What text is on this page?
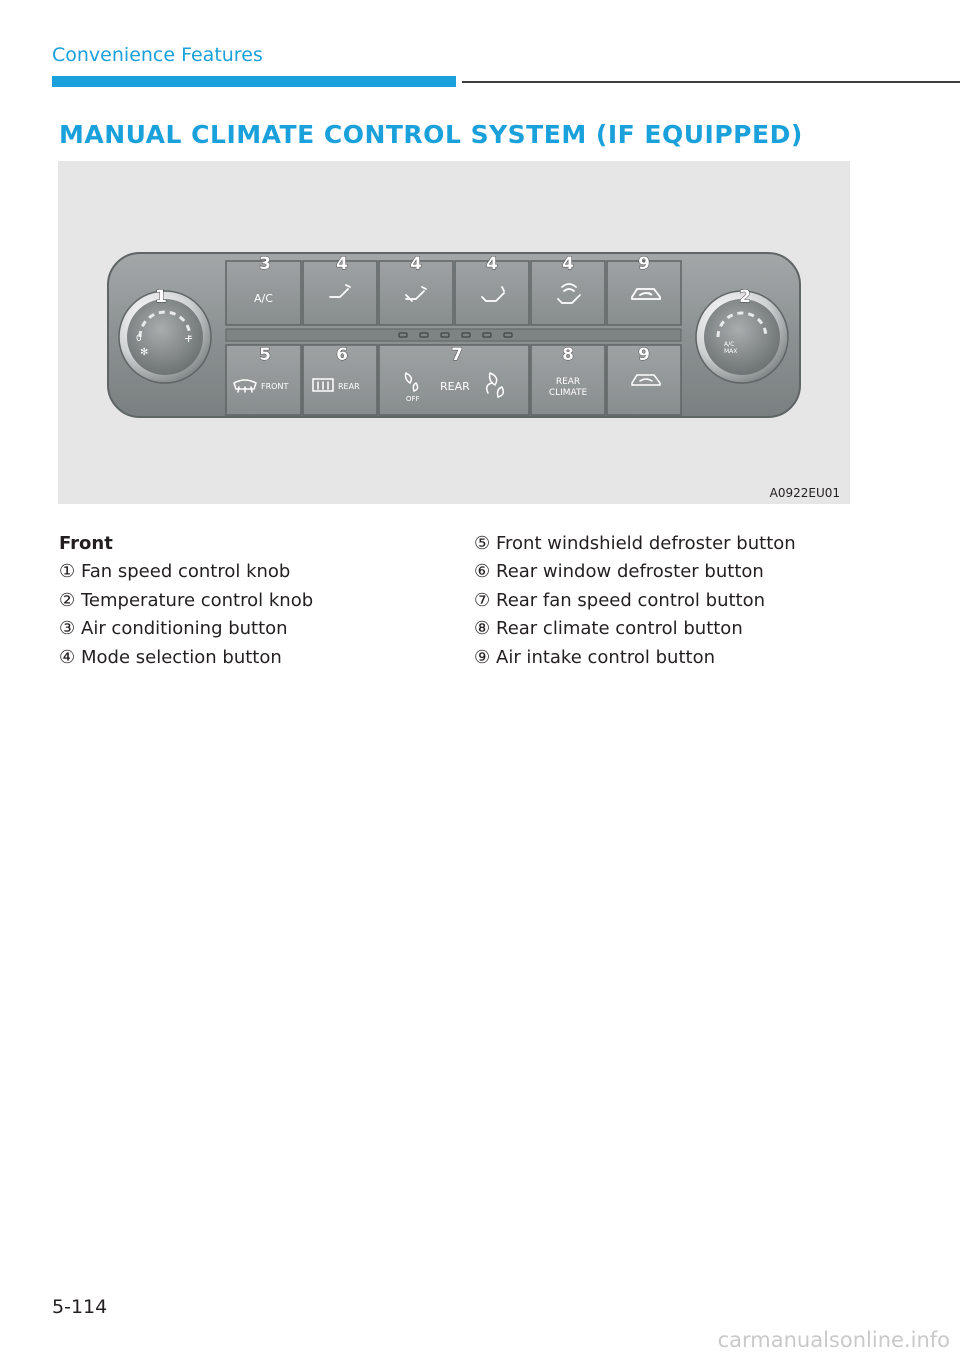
Convenience Features
MANUAL CLIMATE CONTROL SYSTEM (IF EQUIPPED)
0	+
✻
A/C
MAX
A/C
FRONT	REAR
OFF
REAR	REAR
CLIMATE
1
3	4	4	4	4	9
2
5	6	7	8	9
A0922EU01
Front
① Fan speed control knob
② Temperature control knob
③ Air conditioning button
④ Mode selection button
⑤ Front windshield defroster button
⑥ Rear window defroster button
⑦ Rear fan speed control button
⑧ Rear climate control button
⑨ Air intake control button
5-114
carmanualsonline.info
